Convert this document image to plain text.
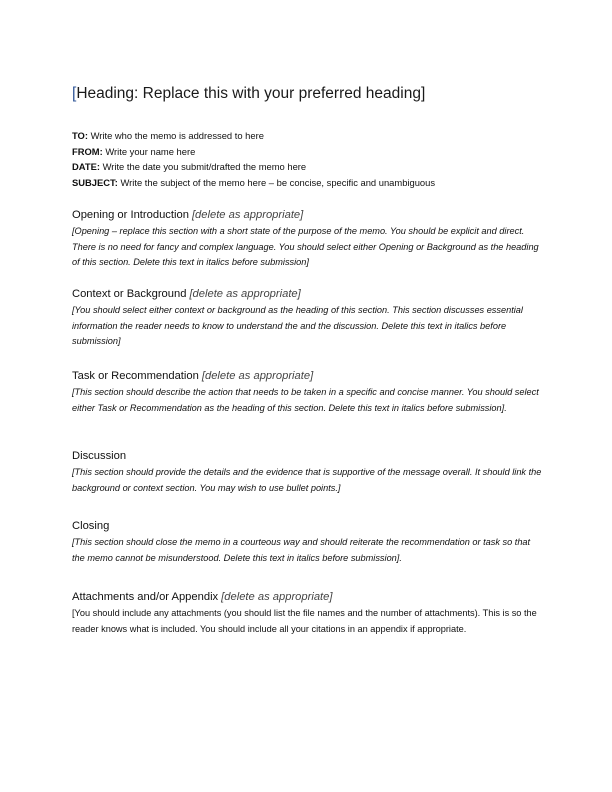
[Heading: Replace this with your preferred heading]
TO: Write who the memo is addressed to here
FROM: Write your name here
DATE: Write the date you submit/drafted the memo here
SUBJECT: Write the subject of the memo here – be concise, specific and unambiguous
Opening or Introduction [delete as appropriate]
[Opening – replace this section with a short state of the purpose of the memo. You should be explicit and direct. There is no need for fancy and complex language. You should select either Opening or Background as the heading of this section. Delete this text in italics before submission]
Context or Background [delete as appropriate]
[You should select either context or background as the heading of this section. This section discusses essential information the reader needs to know to understand the and the discussion. Delete this text in italics before submission]
Task or Recommendation [delete as appropriate]
[This section should describe the action that needs to be taken in a specific and concise manner. You should select either Task or Recommendation as the heading of this section. Delete this text in italics before submission].
Discussion
[This section should provide the details and the evidence that is supportive of the message overall. It should link the background or context section. You may wish to use bullet points.]
Closing
[This section should close the memo in a courteous way and should reiterate the recommendation or task so that the memo cannot be misunderstood. Delete this text in italics before submission].
Attachments and/or Appendix [delete as appropriate]
[You should include any attachments (you should list the file names and the number of attachments). This is so the reader knows what is included. You should include all your citations in an appendix if appropriate.
